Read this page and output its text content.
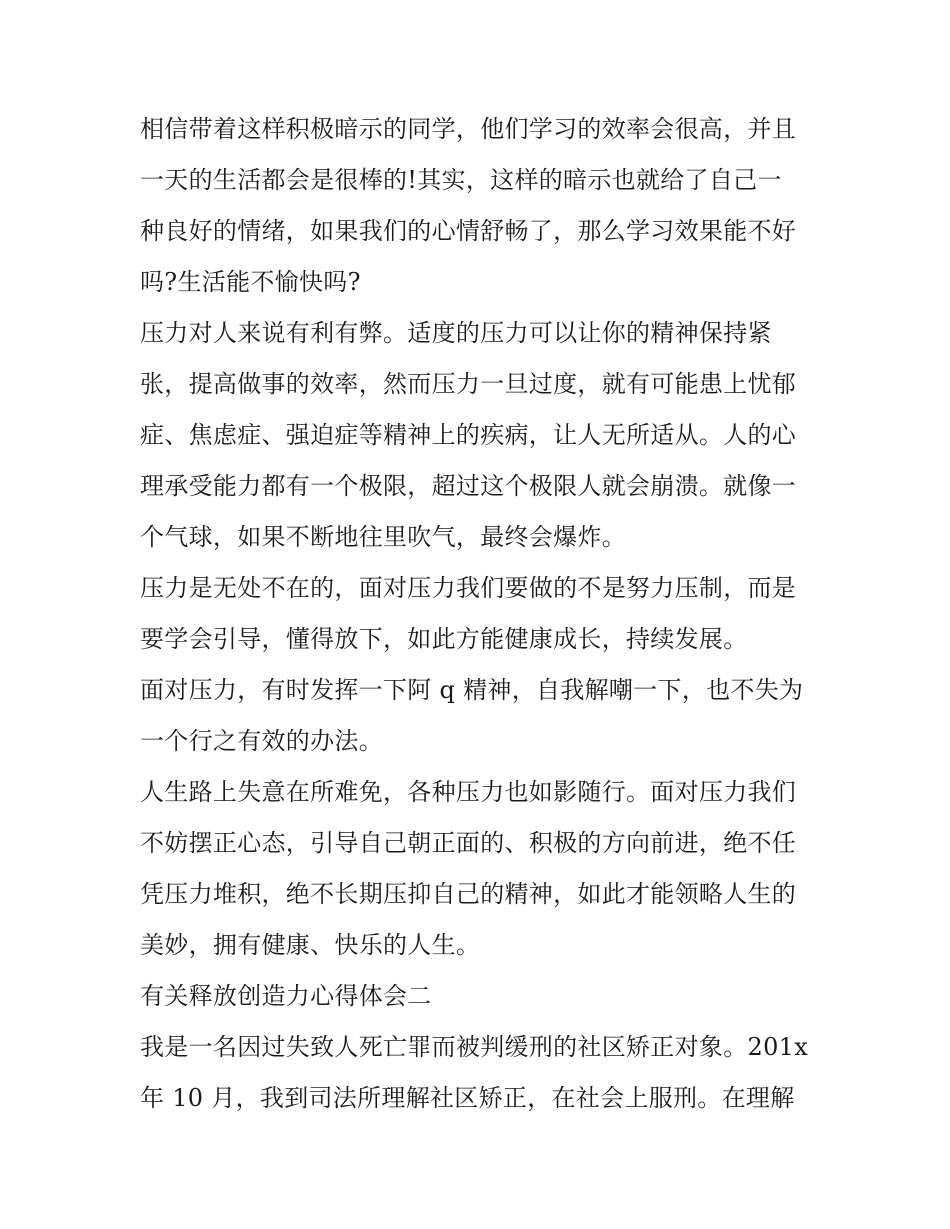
相信带着这样积极暗示的同学，他们学习的效率会很高，并且
一天的生活都会是很棒的!其实，这样的暗示也就给了自己一
种良好的情绪，如果我们的心情舒畅了，那么学习效果能不好
吗?生活能不愉快吗?

压力对人来说有利有弊。适度的压力可以让你的精神保持紧
张，提高做事的效率，然而压力一旦过度，就有可能患上忧郁
症、焦虑症、强迫症等精神上的疾病，让人无所适从。人的心
理承受能力都有一个极限，超过这个极限人就会崩溃。就像一
个气球，如果不断地往里吹气，最终会爆炸。

压力是无处不在的，面对压力我们要做的不是努力压制，而是
要学会引导，懂得放下，如此方能健康成长，持续发展。

面对压力，有时发挥一下阿 q 精神，自我解嘲一下，也不失为
一个行之有效的办法。

人生路上失意在所难免，各种压力也如影随行。面对压力我们
不妨摆正心态，引导自己朝正面的、积极的方向前进，绝不任
凭压力堆积，绝不长期压抑自己的精神，如此才能领略人生的
美妙，拥有健康、快乐的人生。

有关释放创造力心得体会二

我是一名因过失致人死亡罪而被判缓刑的社区矫正对象。201x
年 10 月，我到司法所理解社区矫正，在社会上服刑。在理解
